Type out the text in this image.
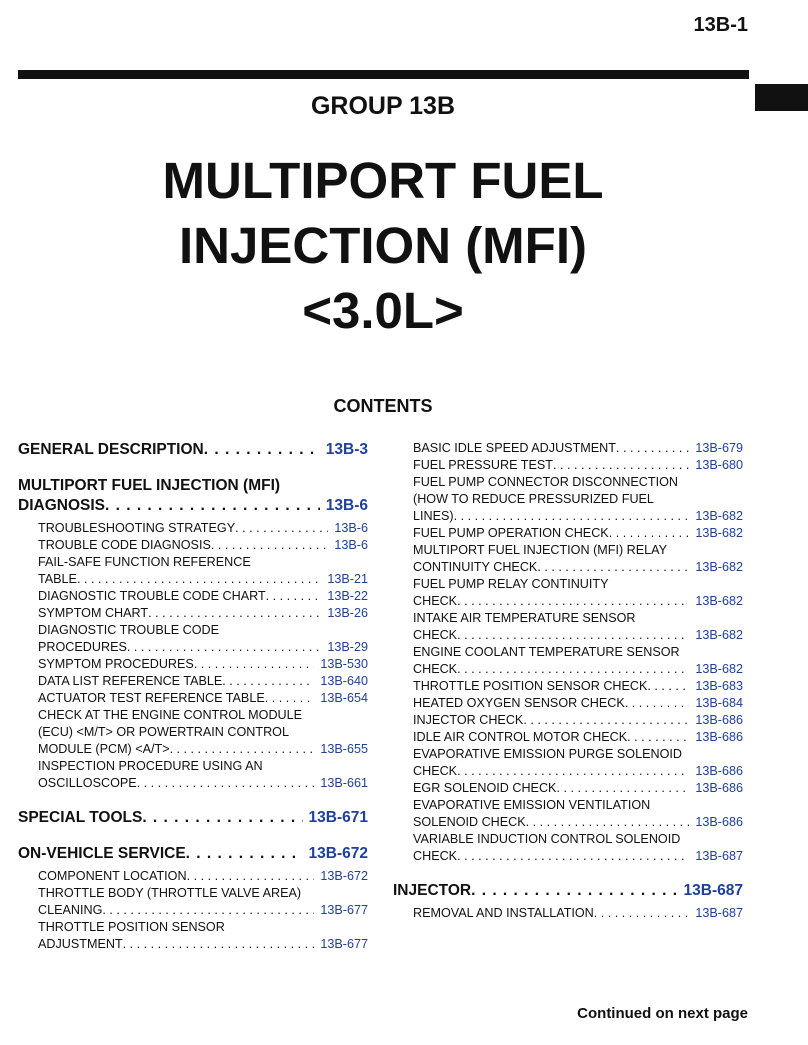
13B-1
GROUP 13B
MULTIPORT FUEL
INJECTION (MFI)
<3.0L>
CONTENTS
GENERAL DESCRIPTION . . .	13B-3
MULTIPORT FUEL INJECTION (MFI)
DIAGNOSIS . . .	13B-6
TROUBLESHOOTING STRATEGY . . .	13B-6
TROUBLE CODE DIAGNOSIS . . .	13B-6
FAIL-SAFE FUNCTION REFERENCE
TABLE . . .	13B-21
DIAGNOSTIC TROUBLE CODE CHART . . .	13B-22
SYMPTOM CHART . . .	13B-26
DIAGNOSTIC TROUBLE CODE
PROCEDURES . . .	13B-29
SYMPTOM PROCEDURES . . .	13B-530
DATA LIST REFERENCE TABLE . . .	13B-640
ACTUATOR TEST REFERENCE TABLE . . .	13B-654
CHECK AT THE ENGINE CONTROL MODULE
(ECU) <M/T> OR POWERTRAIN CONTROL
MODULE (PCM) <A/T> . . .	13B-655
INSPECTION PROCEDURE USING AN
OSCILLOSCOPE . . .	13B-661
SPECIAL TOOLS . . .	13B-671
ON-VEHICLE SERVICE . . .	13B-672
COMPONENT LOCATION . . .	13B-672
THROTTLE BODY (THROTTLE VALVE AREA)
CLEANING . . .	13B-677
THROTTLE POSITION SENSOR
ADJUSTMENT . . .	13B-677
BASIC IDLE SPEED ADJUSTMENT . . .	13B-679
FUEL PRESSURE TEST . . .	13B-680
FUEL PUMP CONNECTOR DISCONNECTION
(HOW TO REDUCE PRESSURIZED FUEL
LINES) . . .	13B-682
FUEL PUMP OPERATION CHECK . . .	13B-682
MULTIPORT FUEL INJECTION (MFI) RELAY
CONTINUITY CHECK . . .	13B-682
FUEL PUMP RELAY CONTINUITY
CHECK . . .	13B-682
INTAKE AIR TEMPERATURE SENSOR
CHECK . . .	13B-682
ENGINE COOLANT TEMPERATURE SENSOR
CHECK . . .	13B-682
THROTTLE POSITION SENSOR CHECK . . .	13B-683
HEATED OXYGEN SENSOR CHECK . . .	13B-684
INJECTOR CHECK . . .	13B-686
IDLE AIR CONTROL MOTOR CHECK . . .	13B-686
EVAPORATIVE EMISSION PURGE SOLENOID
CHECK . . .	13B-686
EGR SOLENOID CHECK . . .	13B-686
EVAPORATIVE EMISSION VENTILATION
SOLENOID CHECK . . .	13B-686
VARIABLE INDUCTION CONTROL SOLENOID
CHECK . . .	13B-687
INJECTOR . . .	13B-687
REMOVAL AND INSTALLATION . . .	13B-687
Continued on next page
